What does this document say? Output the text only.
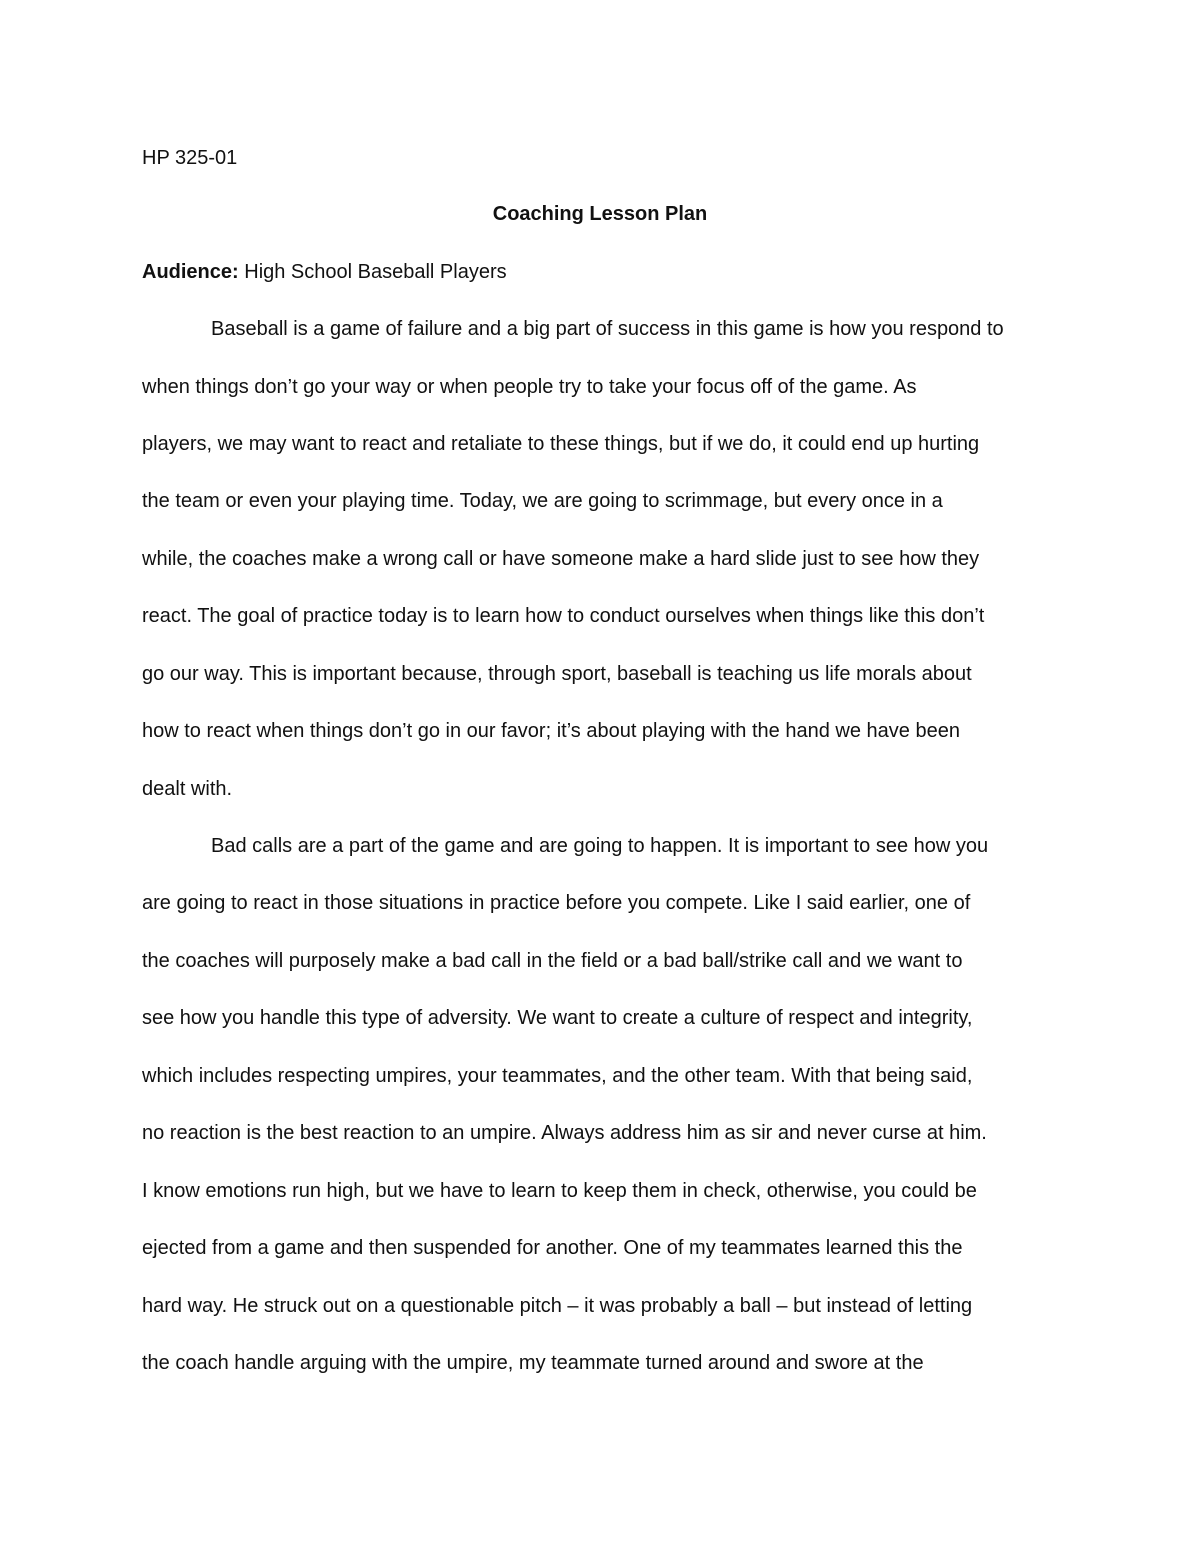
HP 325-01
Coaching Lesson Plan
Audience: High School Baseball Players
Baseball is a game of failure and a big part of success in this game is how you respond to
when things don’t go your way or when people try to take your focus off of the game. As
players, we may want to react and retaliate to these things, but if we do, it could end up hurting
the team or even your playing time. Today, we are going to scrimmage, but every once in a
while, the coaches make a wrong call or have someone make a hard slide just to see how they
react. The goal of practice today is to learn how to conduct ourselves when things like this don’t
go our way. This is important because, through sport, baseball is teaching us life morals about
how to react when things don’t go in our favor; it’s about playing with the hand we have been
dealt with.
Bad calls are a part of the game and are going to happen. It is important to see how you
are going to react in those situations in practice before you compete. Like I said earlier, one of
the coaches will purposely make a bad call in the field or a bad ball/strike call and we want to
see how you handle this type of adversity. We want to create a culture of respect and integrity,
which includes respecting umpires, your teammates, and the other team. With that being said,
no reaction is the best reaction to an umpire. Always address him as sir and never curse at him.
I know emotions run high, but we have to learn to keep them in check, otherwise, you could be
ejected from a game and then suspended for another. One of my teammates learned this the
hard way. He struck out on a questionable pitch – it was probably a ball – but instead of letting
the coach handle arguing with the umpire, my teammate turned around and swore at the
